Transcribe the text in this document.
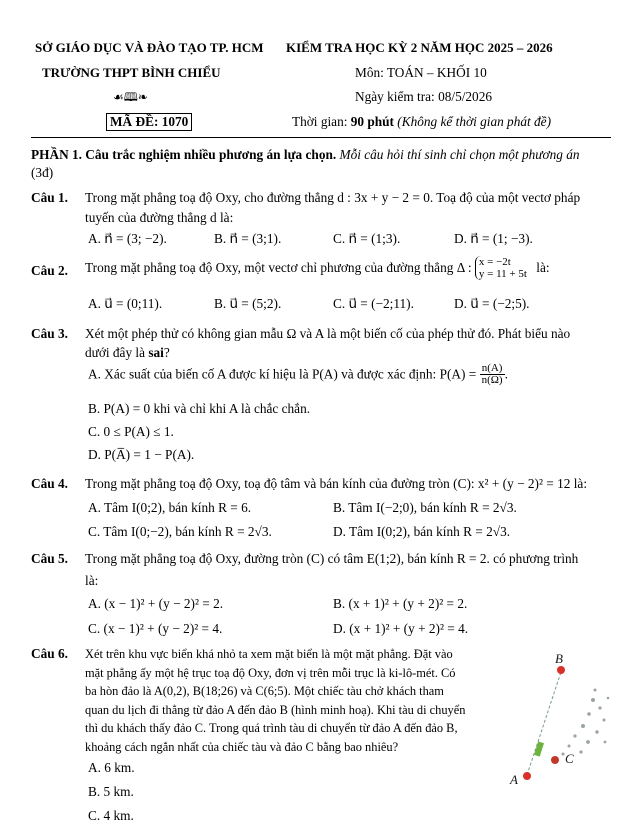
SỞ GIÁO DỤC VÀ ĐÀO TẠO TP. HCM KIỂM TRA HỌC KỲ 2 NĂM HỌC 2025 – 2026
TRƯỜNG THPT BÌNH CHIỂU	Môn: TOÁN – KHỐI 10
☙🕮❧	Ngày kiểm tra: 08/5/2026
MÃ ĐỀ: 1070	Thời gian: 90 phút (Không kể thời gian phát đề)
PHẦN 1. Câu trắc nghiệm nhiều phương án lựa chọn. Mỗi câu hỏi thí sinh chỉ chọn một phương án
(3đ)
Câu 1. Trong mặt phẳng toạ độ Oxy, cho đường thẳng d : 3x + y − 2 = 0. Toạ độ của một vectơ pháp
tuyến của đường thẳng d là:
A. n⃗ = (3; −2).	B. n⃗ = (3;1).	C. n⃗ = (1;3).	D. n⃗ = (1; −3).
Câu 2. Trong mặt phẳng toạ độ Oxy, một vectơ chỉ phương của đường thẳng Δ : x = −2t
y = 11 + 5t là:
A. u⃗ = (0;11).	B. u⃗ = (5;2).	C. u⃗ = (−2;11).	D. u⃗ = (−2;5).
Câu 3. Xét một phép thử có không gian mẫu Ω và A là một biến cố của phép thử đó. Phát biểu nào
dưới đây là sai?
A. Xác suất của biến cố A được kí hiệu là P(A) và được xác định: $P(A) = \frac{n(A)}{n(\Omega)}$ .
B. P(A) = 0 khi và chỉ khi A là chắc chắn.
C. 0 ≤ P(A) ≤ 1.
D. P(A̅) = 1 − P(A).
Câu 4. Trong mặt phẳng toạ độ Oxy, toạ độ tâm và bán kính của đường tròn (C): x² + (y − 2)² = 12 là:
A. Tâm I(0;2), bán kính R = 6.	B. Tâm I(−2;0), bán kính R = 2√3.
C. Tâm I(0;−2), bán kính R = 2√3.	D. Tâm I(0;2), bán kính R = 2√3.
Câu 5. Trong mặt phẳng toạ độ Oxy, đường tròn (C) có tâm E(1;2), bán kính R = 2. có phương trình
là:
A. (x − 1)² + (y − 2)² = 2.	B. (x + 1)² + (y + 2)² = 2.
C. (x − 1)² + (y − 2)² = 4.	D. (x + 1)² + (y + 2)² = 4.
Câu 6. Xét trên khu vực biển khá nhỏ ta xem mặt biển là một mặt phẳng. Đặt vào
mặt phẳng ấy một hệ trục toạ độ Oxy, đơn vị trên mỗi trục là ki-lô-mét. Có
ba hòn đảo là A(0,2), B(18;26) và C(6;5). Một chiếc tàu chở khách tham
quan du lịch đi thẳng từ đảo A đến đảo B (hình minh hoạ). Khi tàu di chuyển
thì du khách thấy đảo C. Trong quá trình tàu di chuyển từ đảo A đến đảo B,
khoảng cách ngắn nhất của chiếc tàu và đảo C bằng bao nhiêu?
A. 6 km.
B. 5 km.
C. 4 km.
B
A
C
